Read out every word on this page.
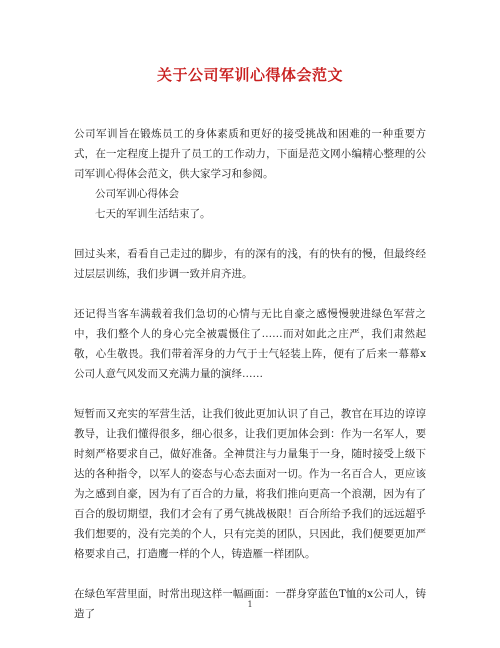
关于公司军训心得体会范文

公司军训旨在锻炼员工的身体素质和更好的接受挑战和困难的一种重要方式，在一定程度上提升了员工的工作动力，下面是范文网小编精心整理的公司军训心得体会范文，供大家学习和参阅。

公司军训心得体会

七天的军训生活结束了。

回过头来，看看自己走过的脚步，有的深有的浅，有的快有的慢，但最终经过层层训练，我们步调一致并肩齐进。

还记得当客车满载着我们急切的心情与无比自豪之感慢慢驶进绿色军营之中，我们整个人的身心完全被震慑住了……而对如此之庄严，我们肃然起敬，心生敬畏。我们带着浑身的力气于士气轻装上阵，便有了后来一幕幕x公司人意气风发而又充满力量的演绎……

短暂而又充实的军营生活，让我们彼此更加认识了自己，教官在耳边的谆谆教导，让我们懂得很多，细心很多，让我们更加体会到：作为一名军人，要时刻严格要求自己，做好准备。全神贯注与力量集于一身，随时接受上级下达的各种指令，以军人的姿态与心态去面对一切。作为一名百合人，更应该为之感到自豪，因为有了百合的力量，将我们推向更高一个浪潮，因为有了百合的殷切期望，我们才会有了勇气挑战极限！百合所给予我们的远远超乎我们想要的，没有完美的个人，只有完美的团队，只因此，我们便要更加严格要求自己，打造鹰一样的个人，铸造雁一样团队。

在绿色军营里面，时常出现这样一幅画面：一群身穿蓝色T恤的x公司人，铸造了

1
